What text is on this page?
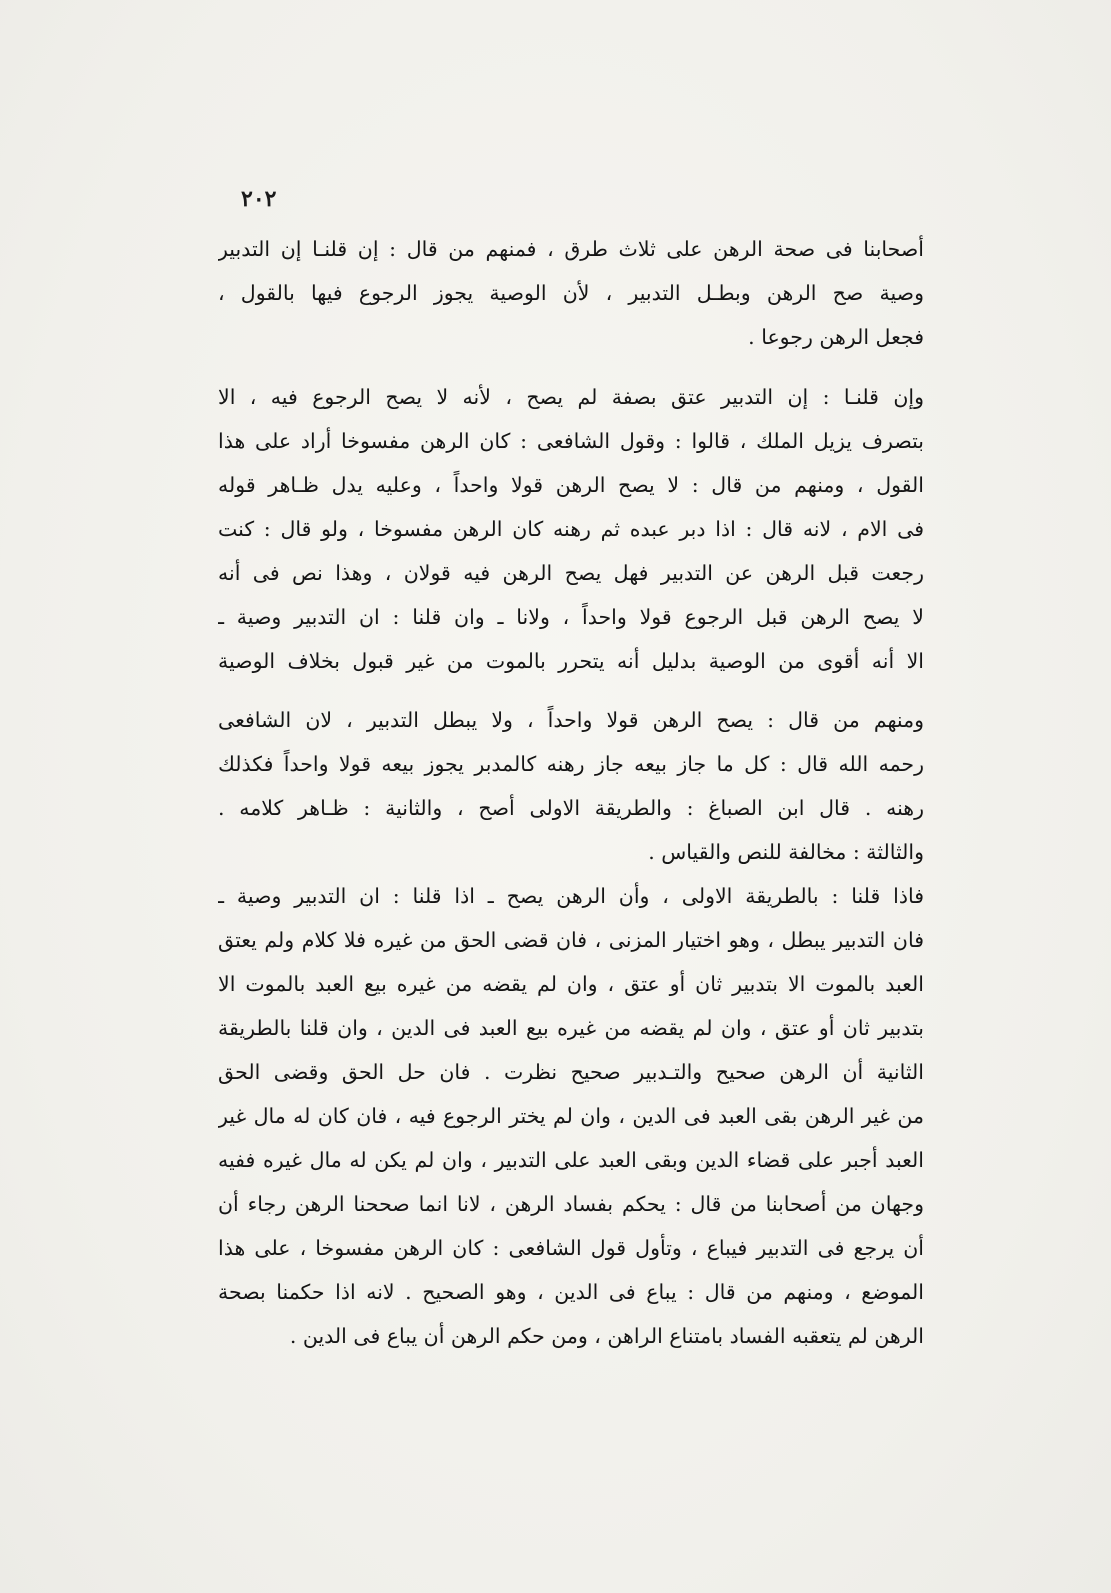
٢٠٢
أصحابنا فى صحة الرهن على ثلاث طرق ، فمنهم من قال : إن قلنـا إن التدبير
وصية صح الرهن وبطـل التدبير ، لأن الوصية يجوز الرجوع فيها بالقول ،
فجعل الرهن رجوعا .
وإن قلنـا : إن التدبير عتق بصفة لم يصح ، لأنه لا يصح الرجوع فيه ، الا
بتصرف يزيل الملك ، قالوا : وقول الشافعى : كان الرهن مفسوخا أراد على هذا
القول ، ومنهم من قال : لا يصح الرهن قولا واحداً ، وعليه يدل ظـاهر قوله
فى الام ، لانه قال : اذا دبر عبده ثم رهنه كان الرهن مفسوخا ، ولو قال : كنت
رجعت قبل الرهن عن التدبير فهل يصح الرهن فيه قولان ، وهذا نص فى أنه
لا يصح الرهن قبل الرجوع قولا واحداً ، ولانا ـ وان قلنا : ان التدبير وصية ـ
الا أنه أقوى من الوصية بدليل أنه يتحرر بالموت من غير قبول بخلاف الوصية
ومنهم من قال : يصح الرهن قولا واحداً ، ولا يبطل التدبير ، لان الشافعى
رحمه الله قال : كل ما جاز بيعه جاز رهنه كالمدبر يجوز بيعه قولا واحداً فكذلك
رهنه . قال ابن الصباغ : والطريقة الاولى أصح ، والثانية : ظـاهر كلامه .
والثالثة : مخالفة للنص والقياس .
فاذا قلنا : بالطريقة الاولى ، وأن الرهن يصح ـ اذا قلنا : ان التدبير وصية ـ
فان التدبير يبطل ، وهو اختيار المزنى ، فان قضى الحق من غيره فلا كلام ولم يعتق
العبد بالموت الا بتدبير ثان أو عتق ، وان لم يقضه من غيره بيع العبد بالموت الا
بتدبير ثان أو عتق ، وان لم يقضه من غيره بيع العبد فى الدين ، وان قلنا بالطريقة
الثانية أن الرهن صحيح والتـدبير صحيح نظرت . فان حل الحق وقضى الحق
من غير الرهن بقى العبد فى الدين ، وان لم يختر الرجوع فيه ، فان كان له مال غير
العبد أجبر على قضاء الدين وبقى العبد على التدبير ، وان لم يكن له مال غيره ففيه
وجهان من أصحابنا من قال : يحكم بفساد الرهن ، لانا انما صححنا الرهن رجاء أن
أن يرجع فى التدبير فيباع ، وتأول قول الشافعى : كان الرهن مفسوخا ، على هذا
الموضع ، ومنهم من قال : يباع فى الدين ، وهو الصحيح . لانه اذا حكمنا بصحة
الرهن لم يتعقبه الفساد بامتناع الراهن ، ومن حكم الرهن أن يباع فى الدين .
